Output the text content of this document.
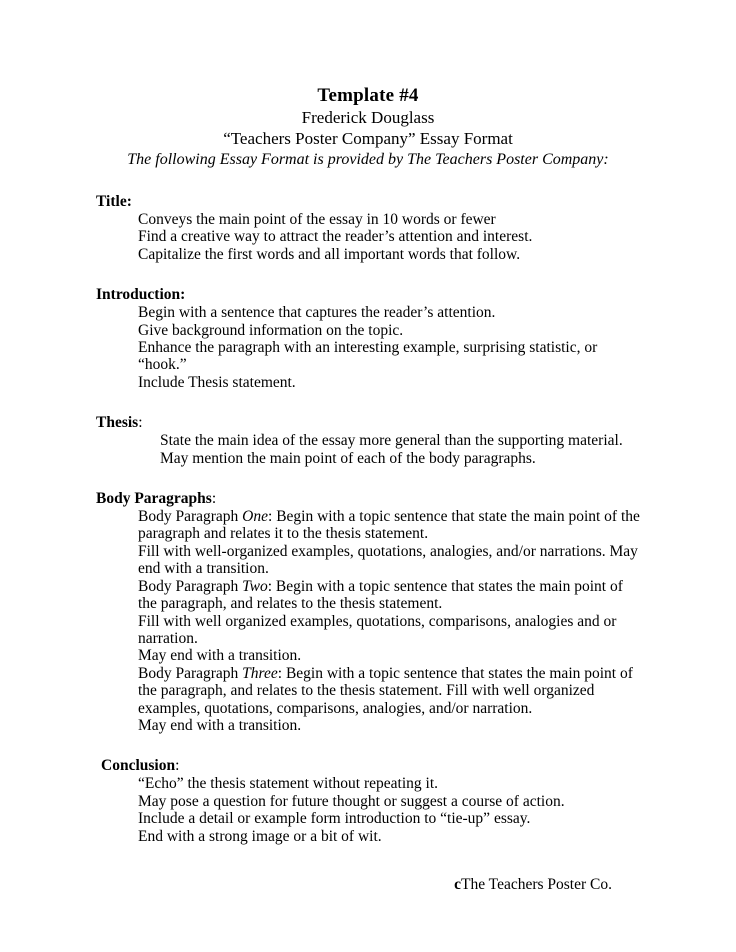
Template #4

Frederick Douglass

“Teachers Poster Company” Essay Format

The following Essay Format is provided by The Teachers Poster Company:

Title:

Conveys the main point of the essay in 10 words or fewer

Find a creative way to attract the reader’s attention and interest.

Capitalize the first words and all important words that follow.

Introduction:

Begin with a sentence that captures the reader’s attention.

Give background information on the topic.

Enhance the paragraph with an interesting example, surprising statistic, or

“hook.”

Include Thesis statement.

Thesis:

State the main idea of the essay more general than the supporting material.

May mention the main point of each of the body paragraphs.

Body Paragraphs:

Body Paragraph One: Begin with a topic sentence that state the main point of the paragraph and relates it to the thesis statement.

Fill with well-organized examples, quotations, analogies, and/or narrations. May end with a transition.

Body Paragraph Two: Begin with a topic sentence that states the main point of the paragraph, and relates to the thesis statement.

Fill with well organized examples, quotations, comparisons, analogies and or narration.

May end with a transition.

Body Paragraph Three: Begin with a topic sentence that states the main point of the paragraph, and relates to the thesis statement. Fill with well organized examples, quotations, comparisons, analogies, and/or narration.

May end with a transition.

Conclusion:

“Echo” the thesis statement without repeating it.

May pose a question for future thought or suggest a course of action.

Include a detail or example form introduction to “tie-up” essay.

End with a strong image or a bit of wit.

cThe Teachers Poster Co.
